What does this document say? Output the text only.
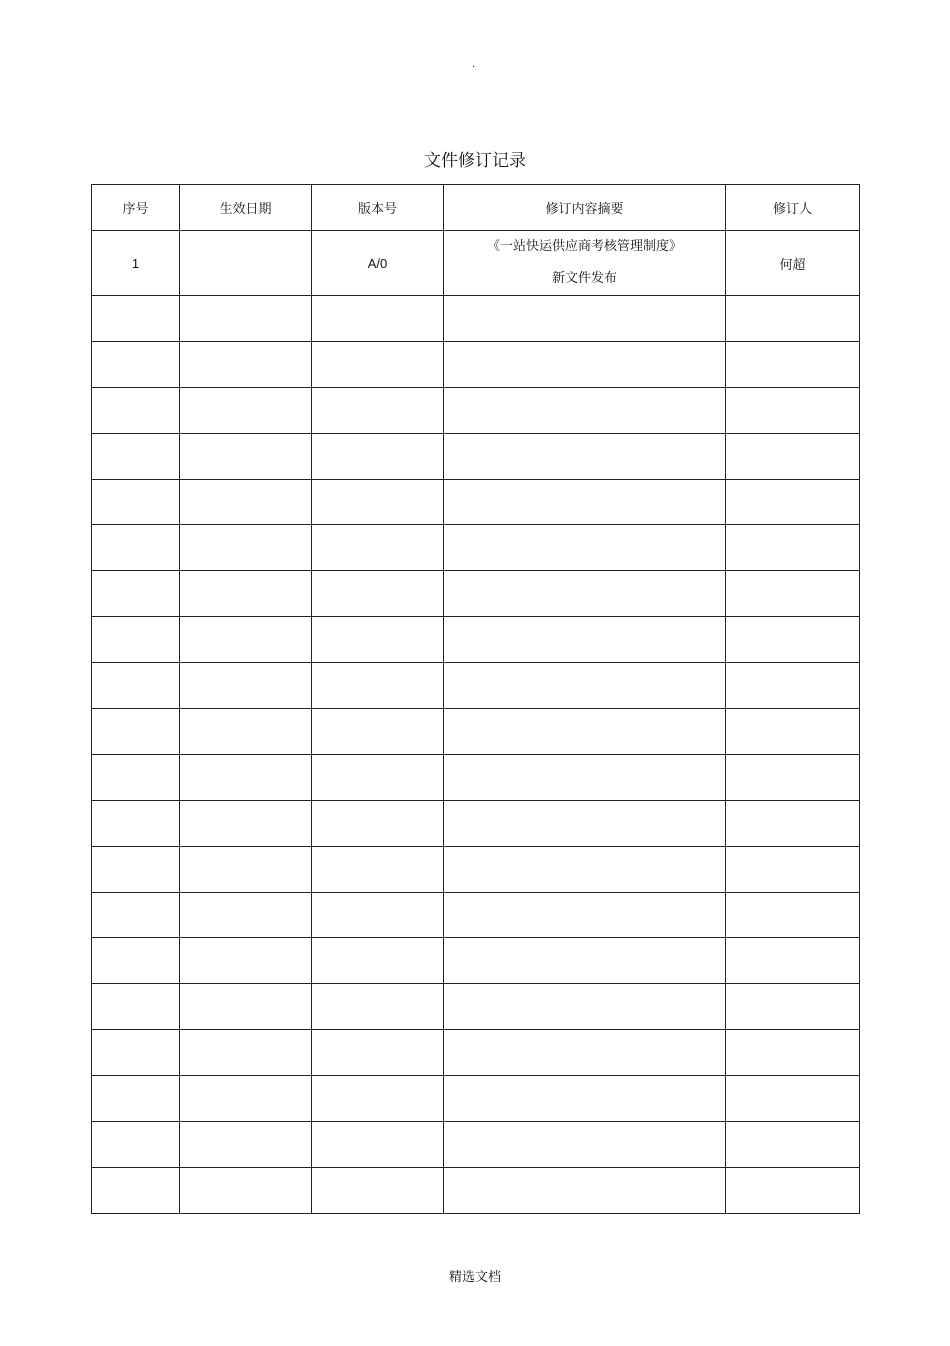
.
文件修订记录
序号	生效日期	版本号	修订内容摘要	修订人
1		A/0	《一站快运供应商考核管理制度》
新文件发布	何超

精选文档
